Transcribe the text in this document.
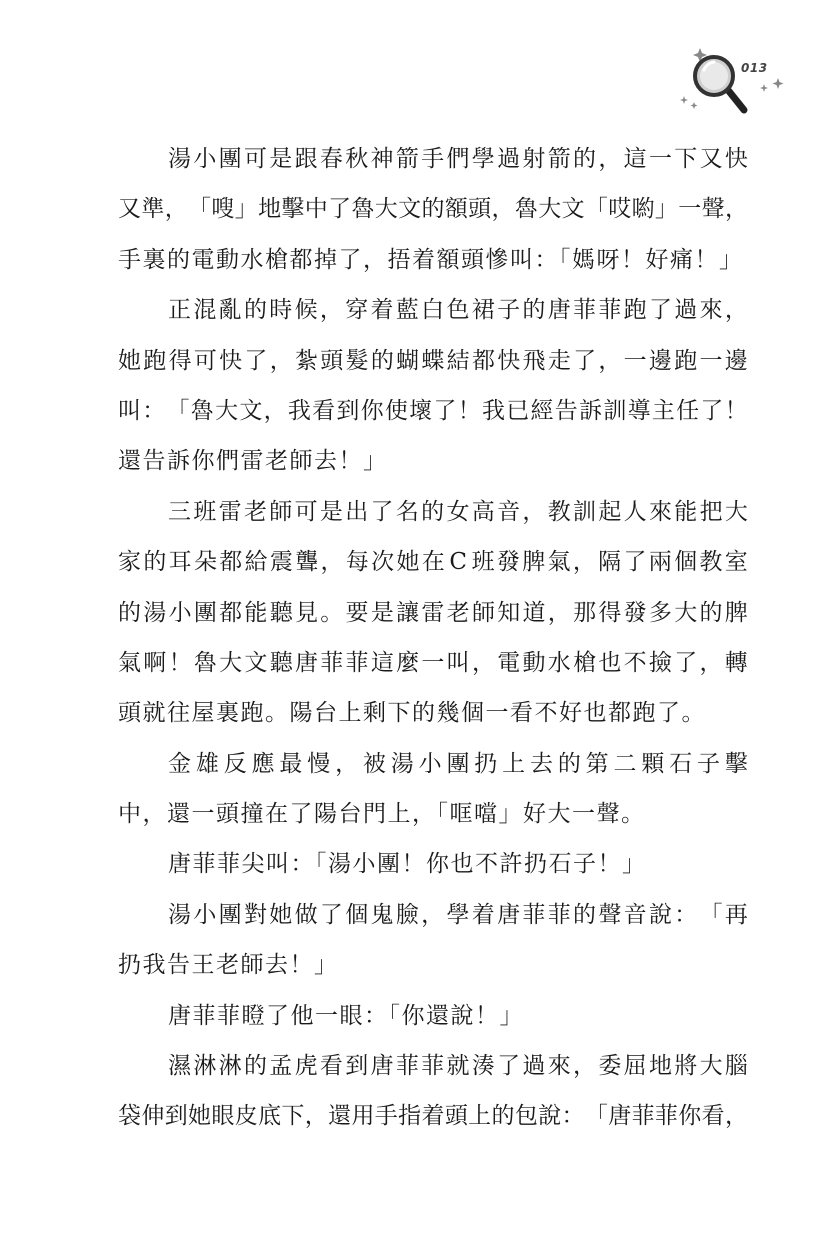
013
湯 小 團 可 是 跟 春 秋 神 箭 手 們 學 過 射 箭 的 ， 這 一 下 又 快
又 準 ， 「 嗖 」 地 擊 中 了 魯 大 文 的 額 頭 ， 魯 大 文 「 哎 喲 」 一 聲 ，
手裏的電動水槍都掉了，捂着額頭慘叫：「媽呀！好痛！」
正 混 亂 的 時 候 ， 穿 着 藍 白 色 裙 子 的 唐 菲 菲 跑 了 過 來 ，
她 跑 得 可 快 了 ， 紮 頭 髮 的 蝴 蝶 結 都 快 飛 走 了 ， 一 邊 跑 一 邊
叫 ： 「 魯 大 文 ， 我 看 到 你 使 壞 了 ！ 我 已 經 告 訴 訓 導 主 任 了 ！
還告訴你們雷老師去！」
三 班 雷 老 師 可 是 出 了 名 的 女 高 音 ， 教 訓 起 人 來 能 把 大
家 的 耳 朵 都 給 震 聾 ， 每 次 她 在 C 班 發 脾 氣 ， 隔 了 兩 個 教 室
的 湯 小 團 都 能 聽 見 。 要 是 讓 雷 老 師 知 道 ， 那 得 發 多 大 的 脾
氣 啊 ！ 魯 大 文 聽 唐 菲 菲 這 麼 一 叫 ， 電 動 水 槍 也 不 撿 了 ， 轉
頭就往屋裏跑。陽台上剩下的幾個一看不好也都跑了。
金 雄 反 應 最 慢 ， 被 湯 小 團 扔 上 去 的 第 二 顆 石 子 擊
中，還一頭撞在了陽台門上，「哐噹」好大一聲。
唐菲菲尖叫：「湯小團！你也不許扔石子！」
湯 小 團 對 她 做 了 個 鬼 臉 ， 學 着 唐 菲 菲 的 聲 音 說 ： 「 再
扔我告王老師去！」
唐菲菲瞪了他一眼：「你還說！」
濕 淋 淋 的 孟 虎 看 到 唐 菲 菲 就 湊 了 過 來 ， 委 屈 地 將 大 腦
袋 伸 到 她 眼 皮 底 下 ， 還 用 手 指 着 頭 上 的 包 說 ： 「 唐 菲 菲 你 看 ，
